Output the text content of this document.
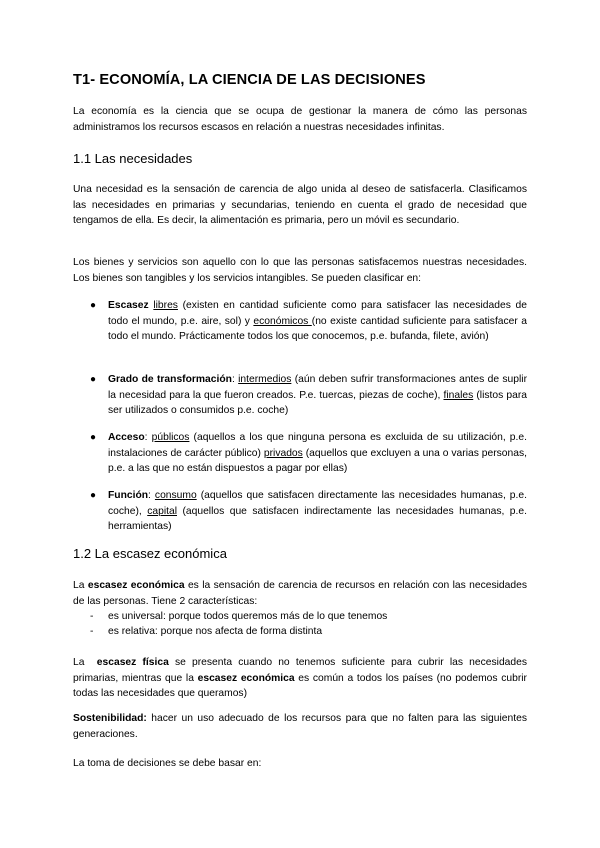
T1- ECONOMÍA, LA CIENCIA DE LAS DECISIONES

La economía es la ciencia que se ocupa de gestionar la manera de cómo las personas administramos los recursos escasos en relación a nuestras necesidades infinitas.

1.1 Las necesidades

Una necesidad es la sensación de carencia de algo unida al deseo de satisfacerla. Clasificamos las necesidades en primarias y secundarias, teniendo en cuenta el grado de necesidad que tengamos de ella. Es decir, la alimentación es primaria, pero un móvil es secundario.

Los bienes y servicios son aquello con lo que las personas satisfacemos nuestras necesidades. Los bienes son tangibles y los servicios intangibles. Se pueden clasificar en:

● Escasez libres (existen en cantidad suficiente como para satisfacer las necesidades de todo el mundo, p.e. aire, sol) y económicos (no existe cantidad suficiente para satisfacer a todo el mundo. Prácticamente todos los que conocemos, p.e. bufanda, filete, avión)

● Grado de transformación: intermedios (aún deben sufrir transformaciones antes de suplir la necesidad para la que fueron creados. P.e. tuercas, piezas de coche), finales (listos para ser utilizados o consumidos p.e. coche)

● Acceso: públicos (aquellos a los que ninguna persona es excluida de su utilización, p.e. instalaciones de carácter público) privados (aquellos que excluyen a una o varias personas, p.e. a las que no están dispuestos a pagar por ellas)

● Función: consumo (aquellos que satisfacen directamente las necesidades humanas, p.e. coche), capital (aquellos que satisfacen indirectamente las necesidades humanas, p.e. herramientas)

1.2 La escasez económica

La escasez económica es la sensación de carencia de recursos en relación con las necesidades de las personas. Tiene 2 características:

- es universal: porque todos queremos más de lo que tenemos

- es relativa: porque nos afecta de forma distinta

La  escasez física se presenta cuando no tenemos suficiente para cubrir las necesidades primarias, mientras que la escasez económica es común a todos los países (no podemos cubrir todas las necesidades que queramos)

Sostenibilidad: hacer un uso adecuado de los recursos para que no falten para las siguientes generaciones.

La toma de decisiones se debe basar en:
